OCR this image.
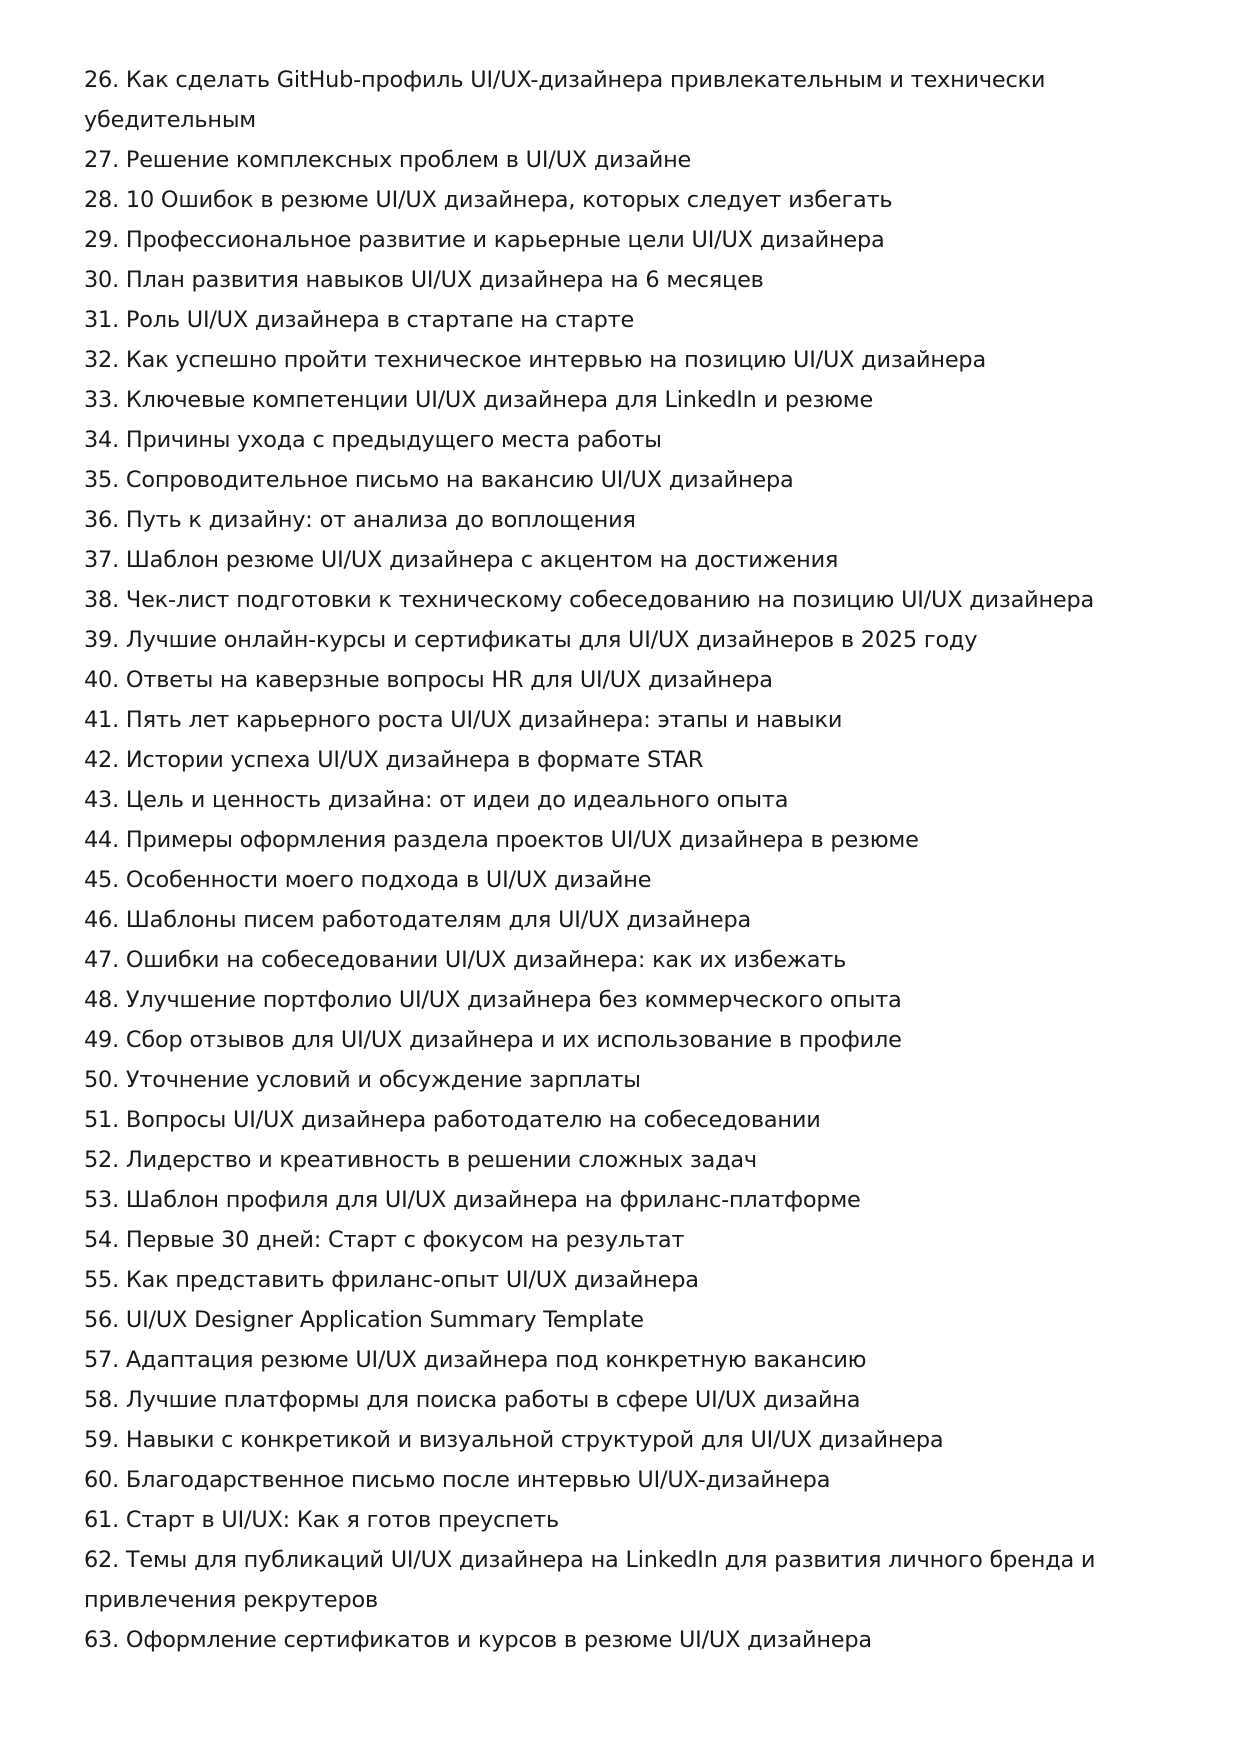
26. Как сделать GitHub-профиль UI/UX-дизайнера привлекательным и технически убедительным
27. Решение комплексных проблем в UI/UX дизайне
28. 10 Ошибок в резюме UI/UX дизайнера, которых следует избегать
29. Профессиональное развитие и карьерные цели UI/UX дизайнера
30. План развития навыков UI/UX дизайнера на 6 месяцев
31. Роль UI/UX дизайнера в стартапе на старте
32. Как успешно пройти техническое интервью на позицию UI/UX дизайнера
33. Ключевые компетенции UI/UX дизайнера для LinkedIn и резюме
34. Причины ухода с предыдущего места работы
35. Сопроводительное письмо на вакансию UI/UX дизайнера
36. Путь к дизайну: от анализа до воплощения
37. Шаблон резюме UI/UX дизайнера с акцентом на достижения
38. Чек-лист подготовки к техническому собеседованию на позицию UI/UX дизайнера
39. Лучшие онлайн-курсы и сертификаты для UI/UX дизайнеров в 2025 году
40. Ответы на каверзные вопросы HR для UI/UX дизайнера
41. Пять лет карьерного роста UI/UX дизайнера: этапы и навыки
42. Истории успеха UI/UX дизайнера в формате STAR
43. Цель и ценность дизайна: от идеи до идеального опыта
44. Примеры оформления раздела проектов UI/UX дизайнера в резюме
45. Особенности моего подхода в UI/UX дизайне
46. Шаблоны писем работодателям для UI/UX дизайнера
47. Ошибки на собеседовании UI/UX дизайнера: как их избежать
48. Улучшение портфолио UI/UX дизайнера без коммерческого опыта
49. Сбор отзывов для UI/UX дизайнера и их использование в профиле
50. Уточнение условий и обсуждение зарплаты
51. Вопросы UI/UX дизайнера работодателю на собеседовании
52. Лидерство и креативность в решении сложных задач
53. Шаблон профиля для UI/UX дизайнера на фриланс-платформе
54. Первые 30 дней: Старт с фокусом на результат
55. Как представить фриланс-опыт UI/UX дизайнера
56. UI/UX Designer Application Summary Template
57. Адаптация резюме UI/UX дизайнера под конкретную вакансию
58. Лучшие платформы для поиска работы в сфере UI/UX дизайна
59. Навыки с конкретикой и визуальной структурой для UI/UX дизайнера
60. Благодарственное письмо после интервью UI/UX-дизайнера
61. Старт в UI/UX: Как я готов преуспеть
62. Темы для публикаций UI/UX дизайнера на LinkedIn для развития личного бренда и привлечения рекрутеров
63. Оформление сертификатов и курсов в резюме UI/UX дизайнера
